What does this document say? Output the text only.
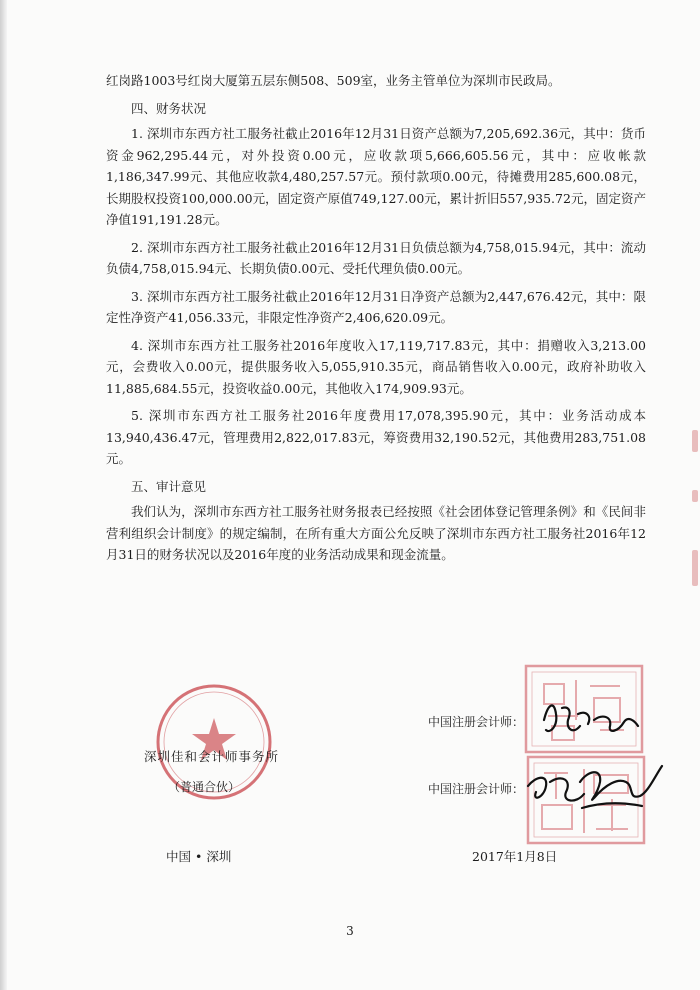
红岗路1003号红岗大厦第五层东侧508、509室，业务主管单位为深圳市民政局。

四、财务状况

1. 深圳市东西方社工服务社截止2016年12月31日资产总额为7,205,692.36元，其中：货币资金962,295.44元，对外投资0.00元，应收款项5,666,605.56元，其中：应收帐款1,186,347.99元、其他应收款4,480,257.57元。预付款项0.00元，待摊费用285,600.08元，长期股权投资100,000.00元，固定资产原值749,127.00元，累计折旧557,935.72元，固定资产净值191,191.28元。

2. 深圳市东西方社工服务社截止2016年12月31日负债总额为4,758,015.94元，其中：流动负债4,758,015.94元、长期负债0.00元、受托代理负债0.00元。

3. 深圳市东西方社工服务社截止2016年12月31日净资产总额为2,447,676.42元，其中：限定性净资产41,056.33元，非限定性净资产2,406,620.09元。

4. 深圳市东西方社工服务社2016年度收入17,119,717.83元，其中：捐赠收入3,213.00元，会费收入0.00元，提供服务收入5,055,910.35元，商品销售收入0.00元，政府补助收入11,885,684.55元，投资收益0.00元，其他收入174,909.93元。

5. 深圳市东西方社工服务社2016年度费用17,078,395.90元，其中：业务活动成本13,940,436.47元，管理费用2,822,017.83元，筹资费用32,190.52元，其他费用283,751.08元。

五、审计意见

我们认为，深圳市东西方社工服务社财务报表已经按照《社会团体登记管理条例》和《民间非营利组织会计制度》的规定编制，在所有重大方面公允反映了深圳市东西方社工服务社2016年12月31日的财务状况以及2016年度的业务活动成果和现金流量。

深圳佳和会计师事务所
（普通合伙）
中国注册会计师：
中国注册会计师：
中国 • 深圳	2017年1月8日
3
